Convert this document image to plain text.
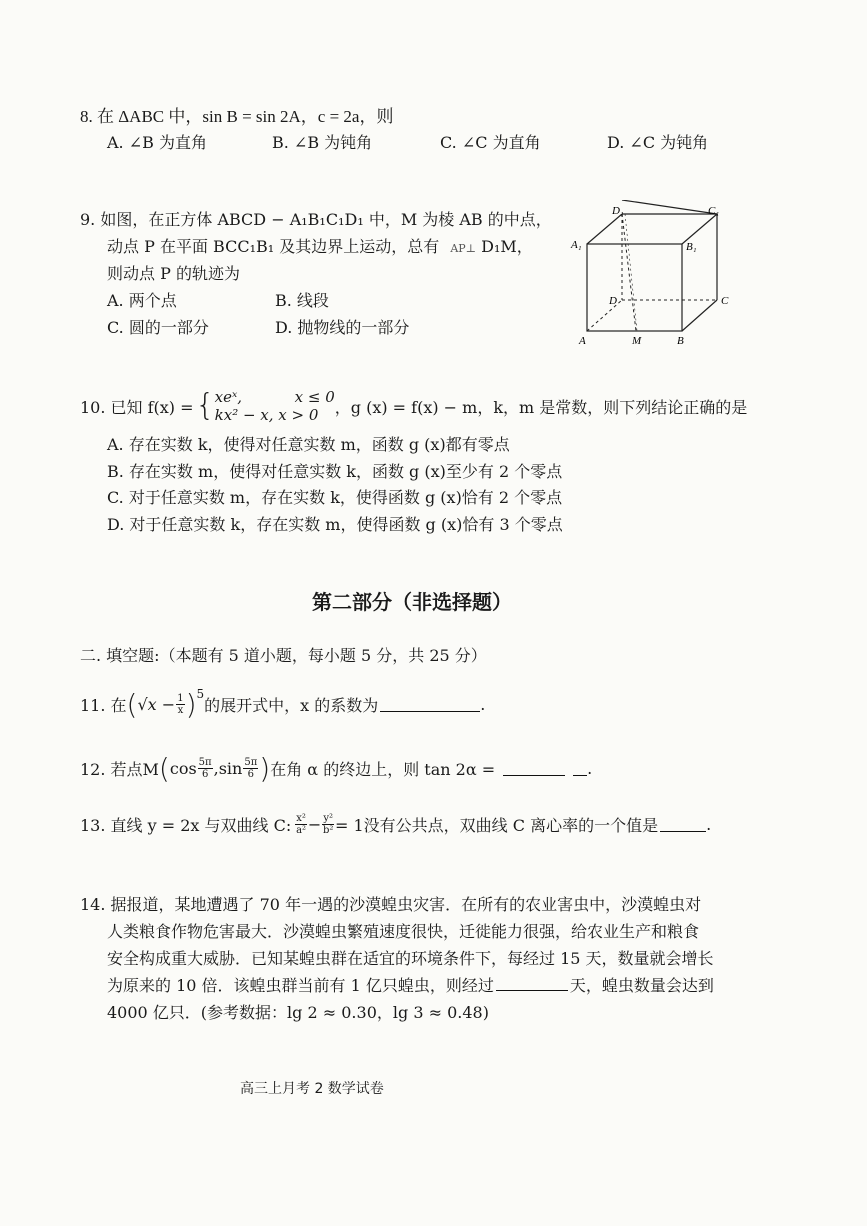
8. 在 ΔABC 中，sin B = sin 2A，c = 2a，则
A. ∠B 为直角	B. ∠B 为钝角	C. ∠C 为直角	D. ∠C 为钝角
9. 如图，在正方体 ABCD − A₁B₁C₁D₁ 中，M 为棱 AB 的中点，
动点 P 在平面 BCC₁B₁ 及其边界上运动，总有 AP⊥ D₁M，
则动点 P 的轨迹为
A. 两个点	B. 线段
C. 圆的一部分	D. 抛物线的一部分
D₁	C₁
A₁	B₁
D	C
A	M	B
10. 已知 f(x) = { xeˣ,	x ≤ 0
kx² − x, x > 0 ，g (x) = f(x) − m，k，m 是常数，则下列结论正确的是
A. 存在实数 k，使得对任意实数 m，函数 g (x)都有零点
B. 存在实数 m，使得对任意实数 k，函数 g (x)至少有 2 个零点
C. 对于任意实数 m，存在实数 k，使得函数 g (x)恰有 2 个零点
D. 对于任意实数 k，存在实数 m，使得函数 g (x)恰有 3 个零点
第二部分（非选择题）
二. 填空题:（本题有 5 道小题，每小题 5 分，共 25 分）
11. 在 ( $√x - \frac{1}{x}$ ) 5
的展开式中，x 的系数为	.
12. 若点M ( $\cos \frac{5\pi}{6}$ , $\sin \frac{5\pi}{6}$ ) 在角 α 的终边上，则 tan 2α =	.
13. 直线 y = 2x 与双曲线 C: $\frac{\text{x²}}{\text{a²}} - \frac{\text{y²}}{\text{b²}} = 1$没有公共点，双曲线 C 离心率的一个值是	.
14. 据报道，某地遭遇了 70 年一遇的沙漠蝗虫灾害．在所有的农业害虫中，沙漠蝗虫对
人类粮食作物危害最大．沙漠蝗虫繁殖速度很快，迁徙能力很强，给农业生产和粮食
安全构成重大威胁．已知某蝗虫群在适宜的环境条件下，每经过 15 天，数量就会增长
为原来的 10 倍．该蝗虫群当前有 1 亿只蝗虫，则经过	天，蝗虫数量会达到
4000 亿只．(参考数据：lg 2 ≈ 0.30，lg 3 ≈ 0.48)
高三上月考 2 数学试卷
